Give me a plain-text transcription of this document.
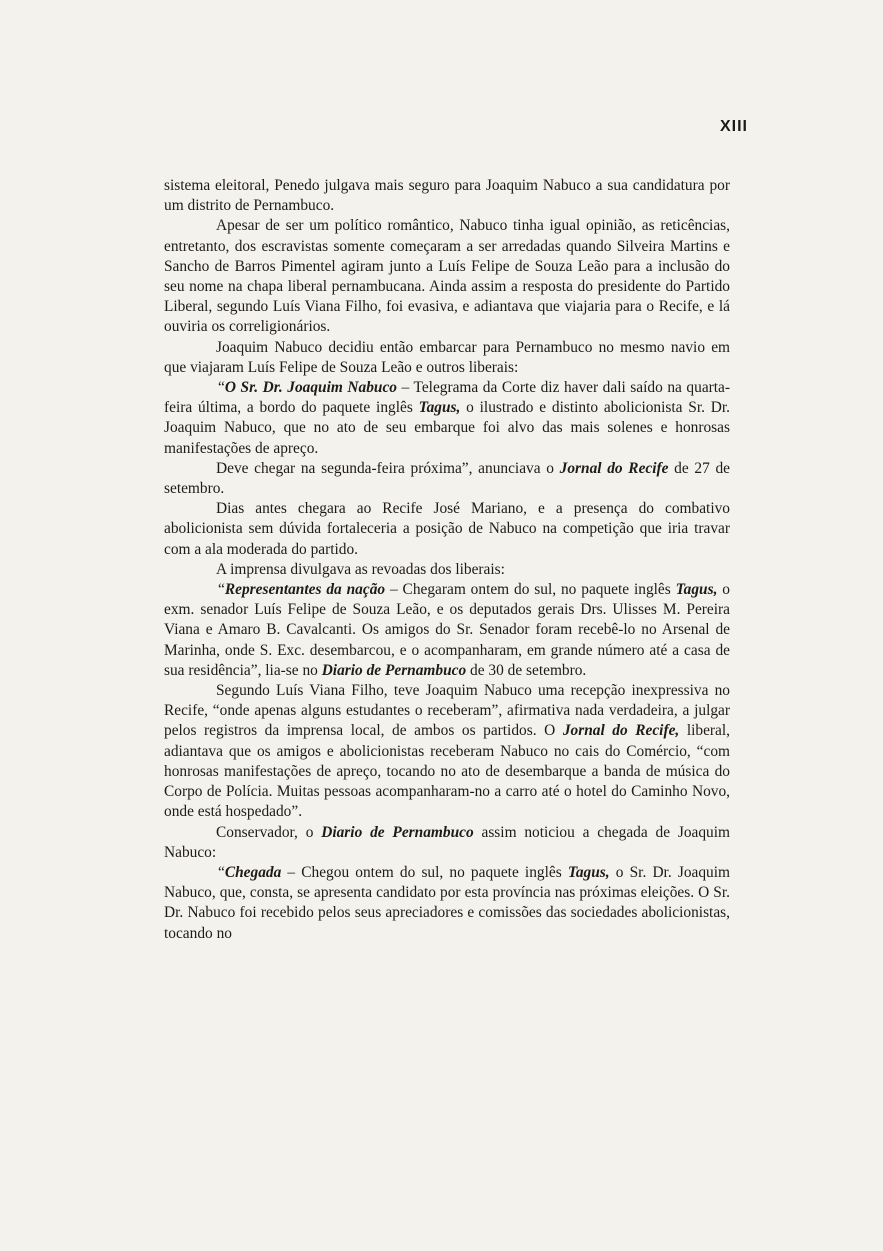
XIII

sistema eleitoral, Penedo julgava mais seguro para Joaquim Nabuco a sua candidatura por um distrito de Pernambuco.

Apesar de ser um político romântico, Nabuco tinha igual opinião, as reticências, entretanto, dos escravistas somente começaram a ser arredadas quando Silveira Martins e Sancho de Barros Pimentel agiram junto a Luís Felipe de Souza Leão para a inclusão do seu nome na chapa liberal pernambucana. Ainda assim a resposta do presidente do Partido Liberal, segundo Luís Viana Filho, foi evasiva, e adiantava que viajaria para o Recife, e lá ouviria os correligionários.

Joaquim Nabuco decidiu então embarcar para Pernambuco no mesmo navio em que viajaram Luís Felipe de Souza Leão e outros liberais:

“O Sr. Dr. Joaquim Nabuco – Telegrama da Corte diz haver dali saído na quarta-feira última, a bordo do paquete inglês Tagus, o ilustrado e distinto abolicionista Sr. Dr. Joaquim Nabuco, que no ato de seu embarque foi alvo das mais solenes e honrosas manifestações de apreço.

Deve chegar na segunda-feira próxima”, anunciava o Jornal do Recife de 27 de setembro.

Dias antes chegara ao Recife José Mariano, e a presença do combativo abolicionista sem dúvida fortaleceria a posição de Nabuco na competição que iria travar com a ala moderada do partido.

A imprensa divulgava as revoadas dos liberais:

“Representantes da nação – Chegaram ontem do sul, no paquete inglês Tagus, o exm. senador Luís Felipe de Souza Leão, e os deputados gerais Drs. Ulisses M. Pereira Viana e Amaro B. Cavalcanti. Os amigos do Sr. Senador foram recebê-lo no Arsenal de Marinha, onde S. Exc. desembarcou, e o acompanharam, em grande número até a casa de sua residência”, lia-se no Diario de Pernambuco de 30 de setembro.

Segundo Luís Viana Filho, teve Joaquim Nabuco uma recepção inexpressiva no Recife, “onde apenas alguns estudantes o receberam”, afirmativa nada verdadeira, a julgar pelos registros da imprensa local, de ambos os partidos. O Jornal do Recife, liberal, adiantava que os amigos e abolicionistas receberam Nabuco no cais do Comércio, “com honrosas manifestações de apreço, tocando no ato de desembarque a banda de música do Corpo de Polícia. Muitas pessoas acompanharam-no a carro até o hotel do Caminho Novo, onde está hospedado”.

Conservador, o Diario de Pernambuco assim noticiou a chegada de Joaquim Nabuco:

“Chegada – Chegou ontem do sul, no paquete inglês Tagus, o Sr. Dr. Joaquim Nabuco, que, consta, se apresenta candidato por esta província nas próximas eleições. O Sr. Dr. Nabuco foi recebido pelos seus apreciadores e comissões das sociedades abolicionistas, tocando no
